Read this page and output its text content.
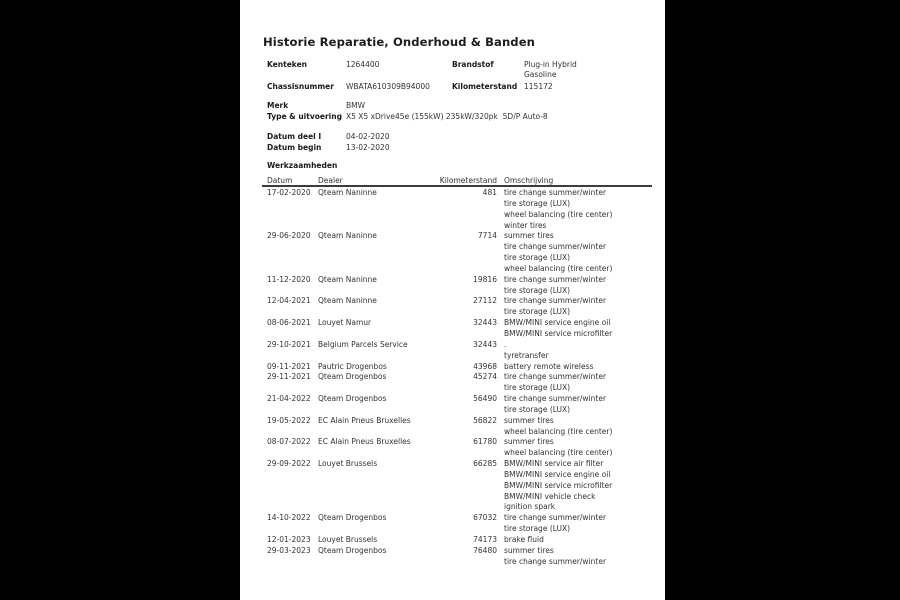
Historie Reparatie, Onderhoud & Banden
Kenteken	1264400	Brandstof	Plug-in Hybrid
Gasoline
Chassisnummer WBATA610309B94000	Kilometerstand 115172
Merk	BMW
Type & uitvoering X5 X5 xDrive45e (155kW) 235kW/320pk  5D/P Auto-8
Datum deel I	04-02-2020
Datum begin	13-02-2020
Werkzaamheden
Datum	Dealer	Kilometerstand Omschrijving
17-02-2020 Qteam Naninne	481 tire change summer/winter
tire storage (LUX)
wheel balancing (tire center)
winter tires
29-06-2020 Qteam Naninne	7714 summer tires
tire change summer/winter
tire storage (LUX)
wheel balancing (tire center)
11-12-2020 Qteam Naninne	19816 tire change summer/winter
tire storage (LUX)
12-04-2021 Qteam Naninne	27112 tire change summer/winter
tire storage (LUX)
08-06-2021 Louyet Namur	32443 BMW/MINI service engine oil
BMW/MINI service microfilter
29-10-2021 Belgium Parcels Service	32443 .
tyretransfer
09-11-2021 Pautric Drogenbos	43968 battery remote wireless
29-11-2021 Qteam Drogenbos	45274 tire change summer/winter
tire storage (LUX)
21-04-2022 Qteam Drogenbos	56490 tire change summer/winter
tire storage (LUX)
19-05-2022 EC Alain Pneus Bruxelles	56822 summer tires
wheel balancing (tire center)
08-07-2022 EC Alain Pneus Bruxelles	61780 summer tires
wheel balancing (tire center)
29-09-2022 Louyet Brussels	66285 BMW/MINI service air filter
BMW/MINI service engine oil
BMW/MINI service microfilter
BMW/MINI vehicle check
ignition spark
14-10-2022 Qteam Drogenbos	67032 tire change summer/winter
tire storage (LUX)
12-01-2023 Louyet Brussels	74173 brake fluid
29-03-2023 Qteam Drogenbos	76480 summer tires
tire change summer/winter
